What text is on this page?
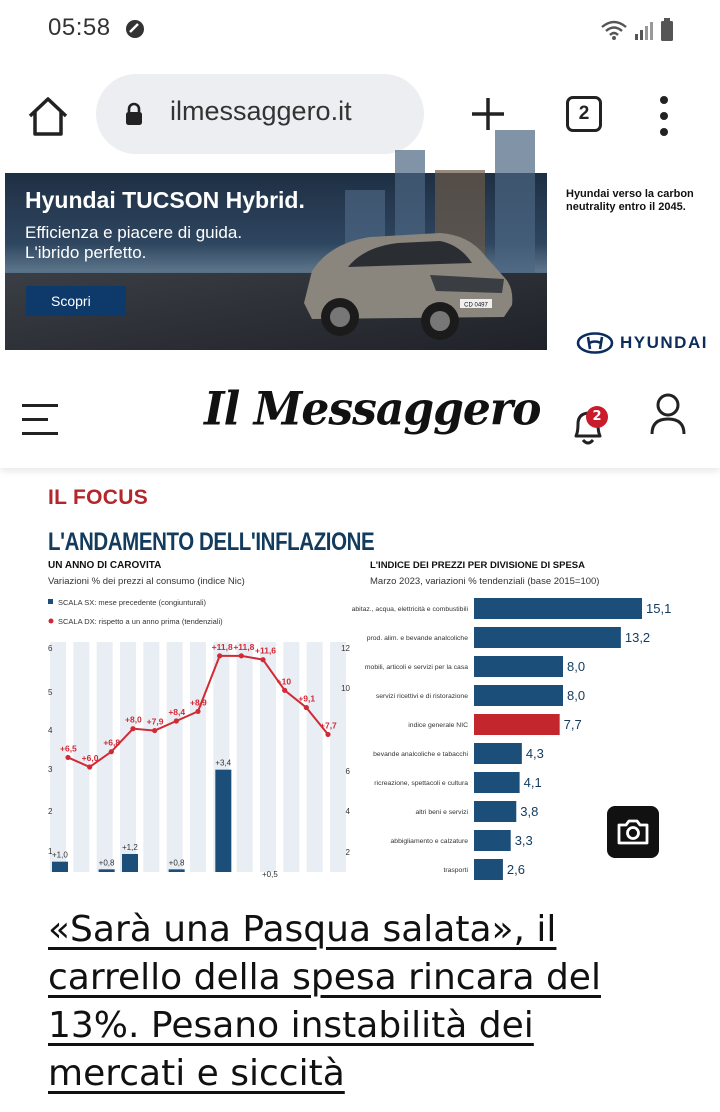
05:58
ilmessaggero.it	2
Hyundai TUCSON Hybrid.
Efficienza e piacere di guida.
L'ibrido perfetto.
Scopri	CD 0497
Hyundai verso la carbon neutrality entro il 2045.
HYUNDAI
Il Messaggero	2
IL FOCUS
L'ANDAMENTO DELL'INFLAZIONE
UN ANNO DI CAROVITA
Variazioni % dei prezzi al consumo (indice Nic)
SCALA SX: mese precedente (congiunturali)
SCALA DX: rispetto a un anno prima (tendenziali)
6
5
4
3
2
1
12
10
6
4
2
+1,0
+0,8
+1,2
+0,8
+3,4
+0,5
+6,5
+6,0
+6,8
+8,0 +7,9
+8,4
+8,9
+11,8 +11,8 +11,6
+10
+9,1
+7,7
L'INDICE DEI PREZZI PER DIVISIONE DI SPESA
Marzo 2023, variazioni % tendenziali (base 2015=100)
abitaz., acqua, elettricità e combustibili	15,1
prod. alim. e bevande analcoliche	13,2
mobili, articoli e servizi per la casa	8,0
servizi ricettivi e di ristorazione	8,0
indice generale NIC	7,7
bevande analcoliche e tabacchi	4,3
ricreazione, spettacoli e cultura	4,1
altri beni e servizi	3,8
abbigliamento e calzature	3,3
trasporti	2,6
«Sarà una Pasqua salata», il carrello della spesa rincara del 13%. Pesano instabilità dei mercati e siccità
